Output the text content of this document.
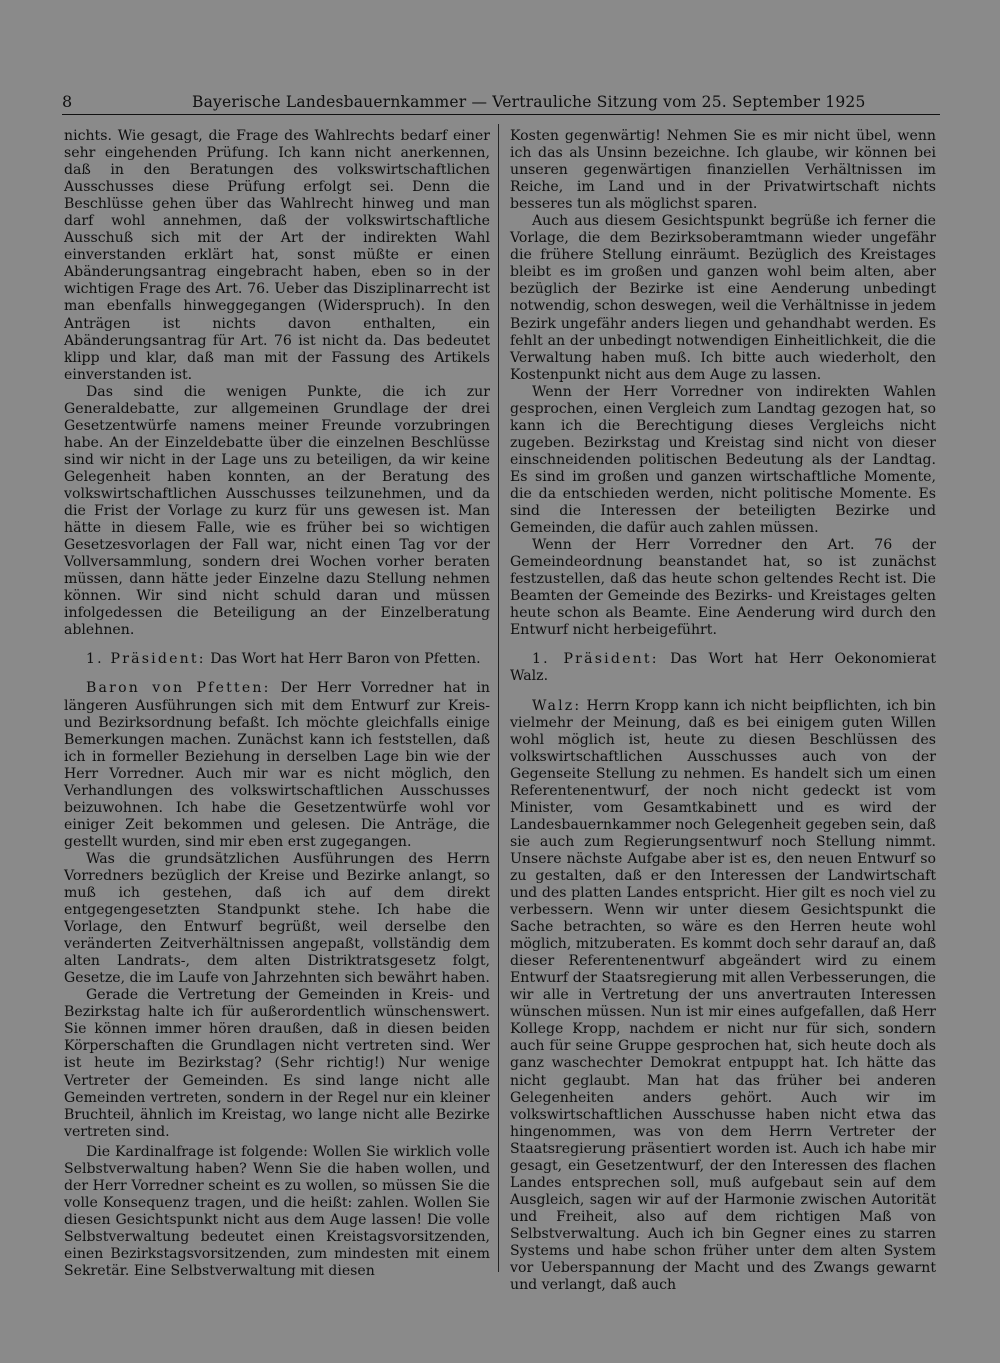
8	Bayerische Landesbauernkammer — Vertrauliche Sitzung vom 25. September 1925

nichts. Wie gesagt, die Frage des Wahlrechts bedarf einer sehr eingehenden Prüfung. Ich kann nicht anerkennen, daß in den Beratungen des volkswirtschaftlichen Ausschusses diese Prüfung erfolgt sei. Denn die Beschlüsse gehen über das Wahlrecht hinweg und man darf wohl annehmen, daß der volkswirtschaftliche Ausschuß sich mit der Art der indirekten Wahl einverstanden erklärt hat, sonst müßte er einen Abänderungsantrag eingebracht haben, eben so in der wichtigen Frage des Art. 76. Ueber das Disziplinarrecht ist man ebenfalls hinweggegangen (Widerspruch). In den Anträgen ist nichts davon enthalten, ein Abänderungsantrag für Art. 76 ist nicht da. Das bedeutet klipp und klar, daß man mit der Fassung des Artikels einverstanden ist.

Das sind die wenigen Punkte, die ich zur Generaldebatte, zur allgemeinen Grundlage der drei Gesetzentwürfe namens meiner Freunde vorzubringen habe. An der Einzeldebatte über die einzelnen Beschlüsse sind wir nicht in der Lage uns zu beteiligen, da wir keine Gelegenheit haben konnten, an der Beratung des volkswirtschaftlichen Ausschusses teilzunehmen, und da die Frist der Vorlage zu kurz für uns gewesen ist. Man hätte in diesem Falle, wie es früher bei so wichtigen Gesetzesvorlagen der Fall war, nicht einen Tag vor der Vollversammlung, sondern drei Wochen vorher beraten müssen, dann hätte jeder Einzelne dazu Stellung nehmen können. Wir sind nicht schuld daran und müssen infolgedessen die Beteiligung an der Einzelberatung ablehnen.

1. Präsident: Das Wort hat Herr Baron von Pfetten.

Baron von Pfetten: Der Herr Vorredner hat in längeren Ausführungen sich mit dem Entwurf zur Kreis- und Bezirksordnung befaßt. Ich möchte gleichfalls einige Bemerkungen machen. Zunächst kann ich feststellen, daß ich in formeller Beziehung in derselben Lage bin wie der Herr Vorredner. Auch mir war es nicht möglich, den Verhandlungen des volkswirtschaftlichen Ausschusses beizuwohnen. Ich habe die Gesetzentwürfe wohl vor einiger Zeit bekommen und gelesen. Die Anträge, die gestellt wurden, sind mir eben erst zugegangen.

Was die grundsätzlichen Ausführungen des Herrn Vorredners bezüglich der Kreise und Bezirke anlangt, so muß ich gestehen, daß ich auf dem direkt entgegengesetzten Standpunkt stehe. Ich habe die Vorlage, den Entwurf begrüßt, weil derselbe den veränderten Zeitverhältnissen angepaßt, vollständig dem alten Landrats-, dem alten Distriktratsgesetz folgt, Gesetze, die im Laufe von Jahrzehnten sich bewährt haben.

Gerade die Vertretung der Gemeinden in Kreis- und Bezirkstag halte ich für außerordentlich wünschenswert. Sie können immer hören draußen, daß in diesen beiden Körperschaften die Grundlagen nicht vertreten sind. Wer ist heute im Bezirkstag? (Sehr richtig!) Nur wenige Vertreter der Gemeinden. Es sind lange nicht alle Gemeinden vertreten, sondern in der Regel nur ein kleiner Bruchteil, ähnlich im Kreistag, wo lange nicht alle Bezirke vertreten sind.

Die Kardinalfrage ist folgende: Wollen Sie wirklich volle Selbstverwaltung haben? Wenn Sie die haben wollen, und der Herr Vorredner scheint es zu wollen, so müssen Sie die volle Konsequenz tragen, und die heißt: zahlen. Wollen Sie diesen Gesichtspunkt nicht aus dem Auge lassen! Die volle Selbstverwaltung bedeutet einen Kreistagsvorsitzenden, einen Bezirkstagsvorsitzenden, zum mindesten mit einem Sekretär. Eine Selbstverwaltung mit diesen

Kosten gegenwärtig! Nehmen Sie es mir nicht übel, wenn ich das als Unsinn bezeichne. Ich glaube, wir können bei unseren gegenwärtigen finanziellen Verhältnissen im Reiche, im Land und in der Privatwirtschaft nichts besseres tun als möglichst sparen.

Auch aus diesem Gesichtspunkt begrüße ich ferner die Vorlage, die dem Bezirksoberamtmann wieder ungefähr die frühere Stellung einräumt. Bezüglich des Kreistages bleibt es im großen und ganzen wohl beim alten, aber bezüglich der Bezirke ist eine Aenderung unbedingt notwendig, schon deswegen, weil die Verhältnisse in jedem Bezirk ungefähr anders liegen und gehandhabt werden. Es fehlt an der unbedingt notwendigen Einheitlichkeit, die die Verwaltung haben muß. Ich bitte auch wiederholt, den Kostenpunkt nicht aus dem Auge zu lassen.

Wenn der Herr Vorredner von indirekten Wahlen gesprochen, einen Vergleich zum Landtag gezogen hat, so kann ich die Berechtigung dieses Vergleichs nicht zugeben. Bezirkstag und Kreistag sind nicht von dieser einschneidenden politischen Bedeutung als der Landtag. Es sind im großen und ganzen wirtschaftliche Momente, die da entschieden werden, nicht politische Momente. Es sind die Interessen der beteiligten Bezirke und Gemeinden, die dafür auch zahlen müssen.

Wenn der Herr Vorredner den Art. 76 der Gemeindeordnung beanstandet hat, so ist zunächst festzustellen, daß das heute schon geltendes Recht ist. Die Beamten der Gemeinde des Bezirks- und Kreistages gelten heute schon als Beamte. Eine Aenderung wird durch den Entwurf nicht herbeigeführt.

1. Präsident: Das Wort hat Herr Oekonomierat Walz.

Walz: Herrn Kropp kann ich nicht beipflichten, ich bin vielmehr der Meinung, daß es bei einigem guten Willen wohl möglich ist, heute zu diesen Beschlüssen des volkswirtschaftlichen Ausschusses auch von der Gegenseite Stellung zu nehmen. Es handelt sich um einen Referentenentwurf, der noch nicht gedeckt ist vom Minister, vom Gesamtkabinett und es wird der Landesbauernkammer noch Gelegenheit gegeben sein, daß sie auch zum Regierungsentwurf noch Stellung nimmt. Unsere nächste Aufgabe aber ist es, den neuen Entwurf so zu gestalten, daß er den Interessen der Landwirtschaft und des platten Landes entspricht. Hier gilt es noch viel zu verbessern. Wenn wir unter diesem Gesichtspunkt die Sache betrachten, so wäre es den Herren heute wohl möglich, mitzuberaten. Es kommt doch sehr darauf an, daß dieser Referentenentwurf abgeändert wird zu einem Entwurf der Staatsregierung mit allen Verbesserungen, die wir alle in Vertretung der uns anvertrauten Interessen wünschen müssen. Nun ist mir eines aufgefallen, daß Herr Kollege Kropp, nachdem er nicht nur für sich, sondern auch für seine Gruppe gesprochen hat, sich heute doch als ganz waschechter Demokrat entpuppt hat. Ich hätte das nicht geglaubt. Man hat das früher bei anderen Gelegenheiten anders gehört. Auch wir im volkswirtschaftlichen Ausschusse haben nicht etwa das hingenommen, was von dem Herrn Vertreter der Staatsregierung präsentiert worden ist. Auch ich habe mir gesagt, ein Gesetzentwurf, der den Interessen des flachen Landes entsprechen soll, muß aufgebaut sein auf dem Ausgleich, sagen wir auf der Harmonie zwischen Autorität und Freiheit, also auf dem richtigen Maß von Selbstverwaltung. Auch ich bin Gegner eines zu starren Systems und habe schon früher unter dem alten System vor Ueberspannung der Macht und des Zwangs gewarnt und verlangt, daß auch
